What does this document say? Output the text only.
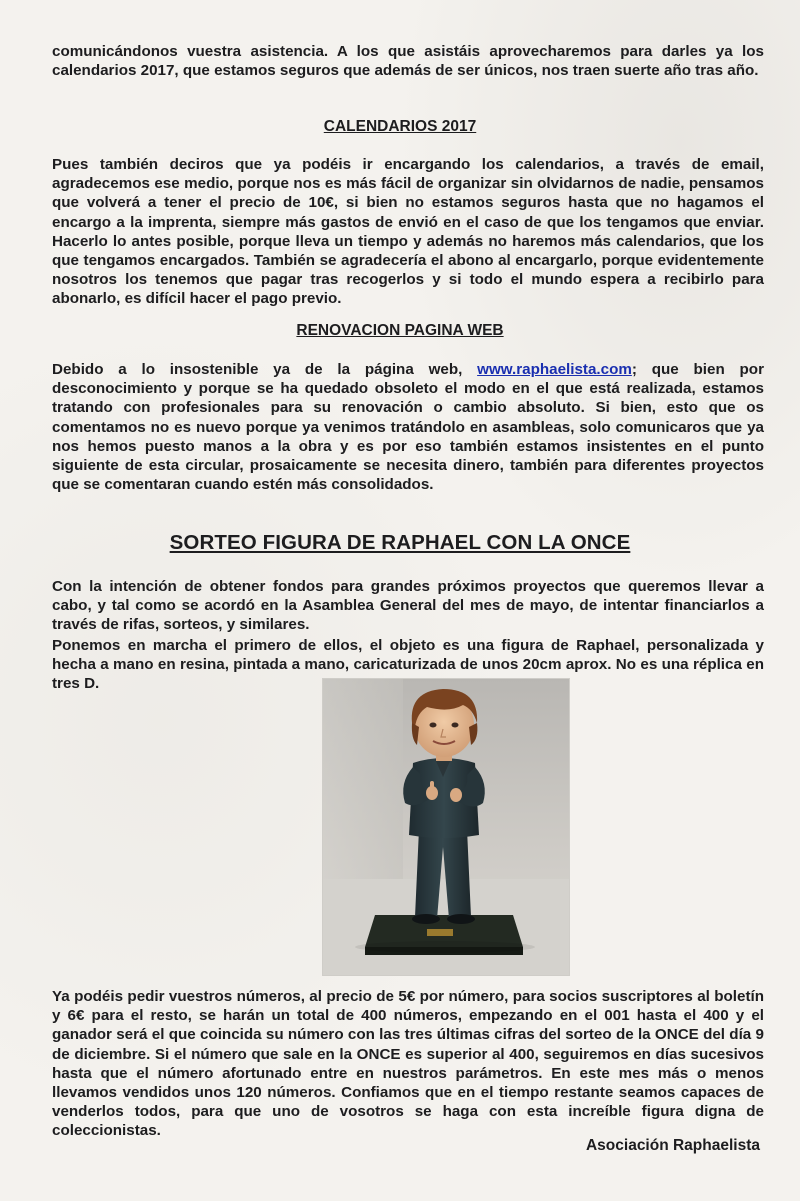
comunicándonos vuestra asistencia. A los que asistáis aprovecharemos para darles ya los calendarios 2017, que estamos seguros que además de ser únicos, nos traen suerte año tras año.

CALENDARIOS 2017

Pues también deciros que ya podéis ir encargando los calendarios, a través de email, agradecemos ese medio, porque nos es más fácil de organizar sin olvidarnos de nadie, pensamos que volverá a tener el precio de 10€, si bien no estamos seguros hasta que no hagamos el encargo a la imprenta, siempre más gastos de envió en el caso de que los tengamos que enviar. Hacerlo lo antes posible, porque lleva un tiempo y además no haremos más calendarios, que los que tengamos encargados. También se agradecería el abono al encargarlo, porque evidentemente nosotros los tenemos que pagar tras recogerlos y si todo el mundo espera a recibirlo para abonarlo, es difícil hacer el pago previo.

RENOVACION PAGINA WEB

Debido a lo insostenible ya de la página web, www.raphaelista.com; que bien por desconocimiento y porque se ha quedado obsoleto el modo en el que está realizada, estamos tratando con profesionales para su renovación o cambio absoluto. Si bien, esto que os comentamos no es nuevo porque ya venimos tratándolo en asambleas, solo comunicaros que ya nos hemos puesto manos a la obra y es por eso también estamos insistentes en el punto siguiente de esta circular, prosaicamente se necesita dinero, también para diferentes proyectos que se comentaran cuando estén más consolidados.

SORTEO FIGURA DE RAPHAEL CON LA ONCE

Con la intención de obtener fondos para grandes próximos proyectos que queremos llevar a cabo, y tal como se acordó en la Asamblea General del mes de mayo, de intentar financiarlos a través de rifas, sorteos, y similares.

Ponemos en marcha el primero de ellos, el objeto es una figura de Raphael, personalizada y hecha a mano en resina, pintada a mano, caricaturizada de unos 20cm aprox. No es una réplica en tres D.

Ya podéis pedir vuestros números, al precio de 5€ por número, para socios suscriptores al boletín y 6€ para el resto, se harán un total de 400 números, empezando en el 001 hasta el 400 y el ganador será el que coincida su número con las tres últimas cifras del sorteo de la ONCE del día 9 de diciembre. Si el número que sale en la ONCE es superior al 400, seguiremos en días sucesivos hasta que el número afortunado entre en nuestros parámetros. En este mes más o menos llevamos vendidos unos 120 números. Confiamos que en el tiempo restante seamos capaces de venderlos todos, para que uno de vosotros se haga con esta increíble figura digna de coleccionistas.

Asociación Raphaelista
